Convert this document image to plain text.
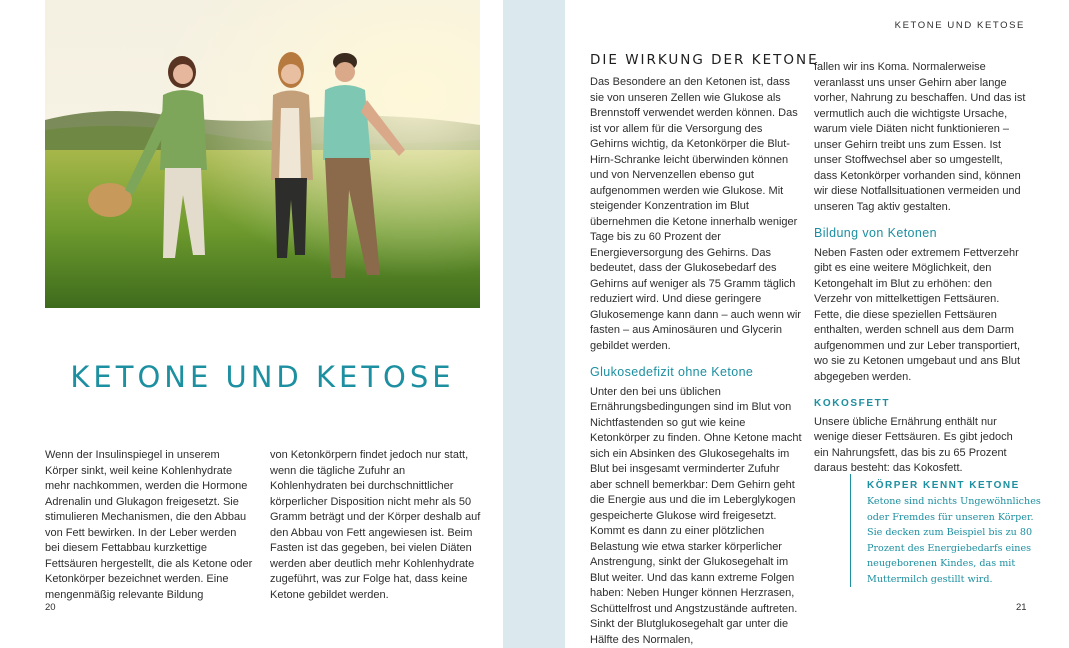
KETONE UND KETOSE

Wenn der Insulinspiegel in unserem Körper sinkt, weil keine Kohlenhydrate mehr nachkommen, werden die Hormone Adrenalin und Glukagon freigesetzt. Sie stimulieren Mechanismen, die den Abbau von Fett bewirken. In der Leber werden bei diesem Fettabbau kurzkettige Fettsäuren hergestellt, die als Ketone oder Ketonkörper bezeichnet werden. Eine mengenmäßig relevante Bildung

von Ketonkörpern findet jedoch nur statt, wenn die tägliche Zufuhr an Kohlenhydraten bei durchschnittlicher körperlicher Disposition nicht mehr als 50 Gramm beträgt und der Körper deshalb auf den Abbau von Fett angewiesen ist. Beim Fasten ist das gegeben, bei vielen Diäten werden aber deutlich mehr Kohlenhydrate zugeführt, was zur Folge hat, dass keine Ketone gebildet werden.

20
KETONE UND KETOSE
DIE WIRKUNG DER KETONE

Das Besondere an den Ketonen ist, dass sie von unseren Zellen wie Glukose als Brennstoff verwendet werden können. Das ist vor allem für die Versorgung des Gehirns wichtig, da Ketonkörper die Blut-Hirn-Schranke leicht überwinden können und von Nervenzellen ebenso gut aufgenommen werden wie Glukose. Mit steigender Konzentration im Blut übernehmen die Ketone innerhalb weniger Tage bis zu 60 Prozent der Energieversorgung des Gehirns. Das bedeutet, dass der Glukosebedarf des Gehirns auf weniger als 75 Gramm täglich reduziert wird. Und diese geringere Glukosemenge kann dann – auch wenn wir fasten – aus Aminosäuren und Glycerin gebildet werden.

Glukosedefizit ohne Ketone

Unter den bei uns üblichen Ernährungsbedingungen sind im Blut von Nichtfastenden so gut wie keine Ketonkörper zu finden. Ohne Ketone macht sich ein Absinken des Glukosegehalts im Blut bei insgesamt verminderter Zufuhr aber schnell bemerkbar: Dem Gehirn geht die Energie aus und die im Leberglykogen gespeicherte Glukose wird freigesetzt. Kommt es dann zu einer plötzlichen Belastung wie etwa starker körperlicher Anstrengung, sinkt der Glukosegehalt im Blut weiter. Und das kann extreme Folgen haben: Neben Hunger können Herzrasen, Schüttelfrost und Angstzustände auftreten. Sinkt der Blutglukosegehalt gar unter die Hälfte des Normalen,

fallen wir ins Koma. Normalerweise veranlasst uns unser Gehirn aber lange vorher, Nahrung zu beschaffen. Und das ist vermutlich auch die wichtigste Ursache, warum viele Diäten nicht funktionieren – unser Gehirn treibt uns zum Essen. Ist unser Stoffwechsel aber so umgestellt, dass Ketonkörper vorhanden sind, können wir diese Notfallsituationen vermeiden und unseren Tag aktiv gestalten.

Bildung von Ketonen

Neben Fasten oder extremem Fettverzehr gibt es eine weitere Möglichkeit, den Ketongehalt im Blut zu erhöhen: den Verzehr von mittelkettigen Fettsäuren. Fette, die diese speziellen Fettsäuren enthalten, werden schnell aus dem Darm aufgenommen und zur Leber transportiert, wo sie zu Ketonen umgebaut und ans Blut abgegeben werden.

KOKOSFETT

Unsere übliche Ernährung enthält nur wenige dieser Fettsäuren. Es gibt jedoch ein Nahrungsfett, das bis zu 65 Prozent daraus besteht: das Kokosfett.

KÖRPER KENNT KETONE
Ketone sind nichts Ungewöhnliches oder Fremdes für unseren Körper. Sie decken zum Beispiel bis zu 80 Prozent des Energiebedarfs eines neugeborenen Kindes, das mit Muttermilch gestillt wird.
21
